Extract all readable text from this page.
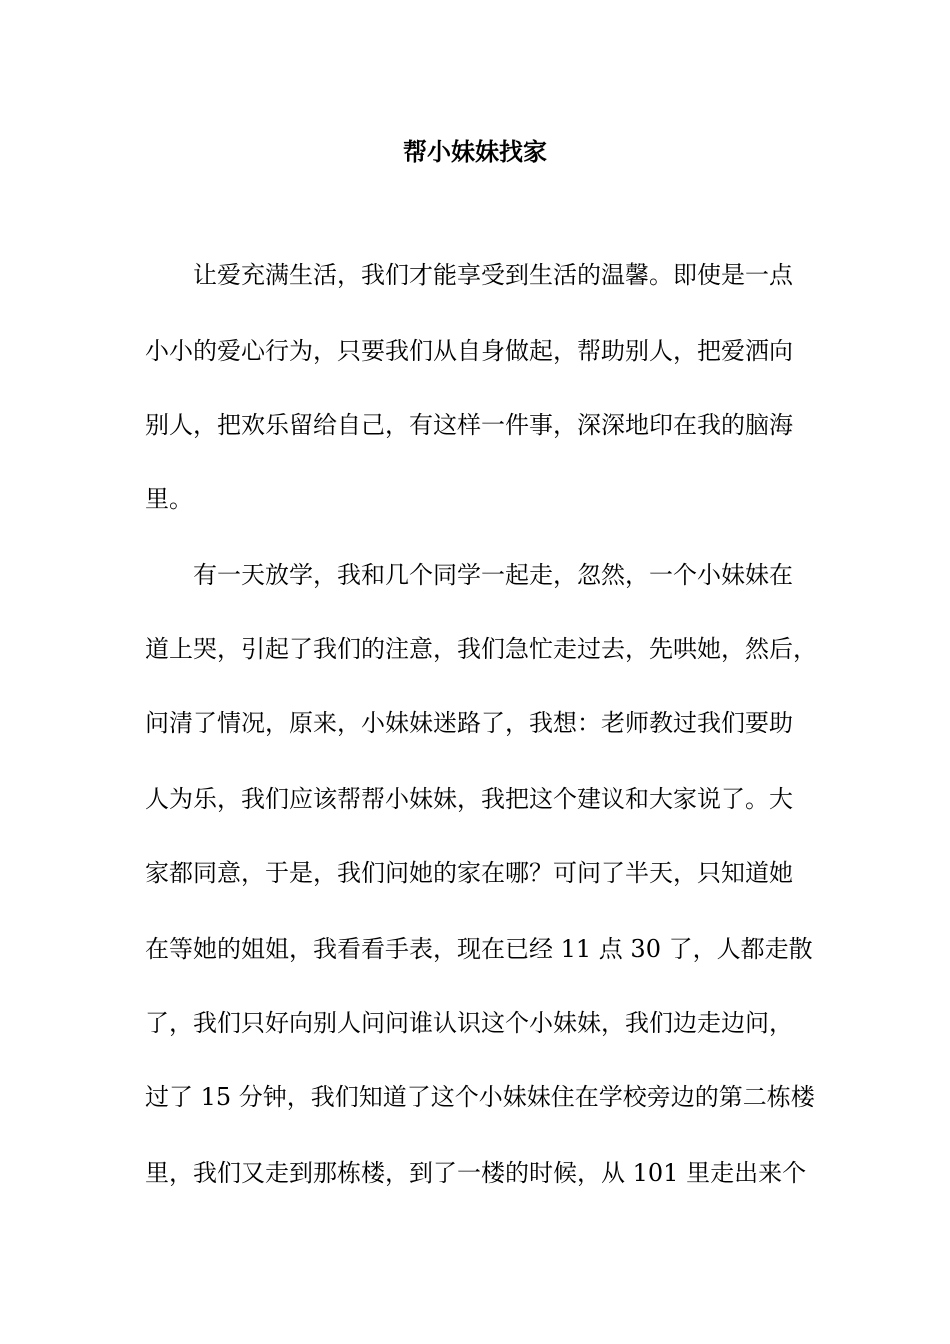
帮小妹妹找家

让爱充满生活，我们才能享受到生活的温馨。即使是一点

小小的爱心行为，只要我们从自身做起，帮助别人，把爱洒向

别人，把欢乐留给自己，有这样一件事，深深地印在我的脑海

里。

有一天放学，我和几个同学一起走，忽然，一个小妹妹在

道上哭，引起了我们的注意，我们急忙走过去，先哄她，然后，

问清了情况，原来，小妹妹迷路了，我想：老师教过我们要助

人为乐，我们应该帮帮小妹妹，我把这个建议和大家说了。大

家都同意，于是，我们问她的家在哪？可问了半天，只知道她

在等她的姐姐，我看看手表，现在已经 11 点 30 了，人都走散

了，我们只好向别人问问谁认识这个小妹妹，我们边走边问，

过了 15 分钟，我们知道了这个小妹妹住在学校旁边的第二栋楼

里，我们又走到那栋楼，到了一楼的时候，从 101 里走出来个
